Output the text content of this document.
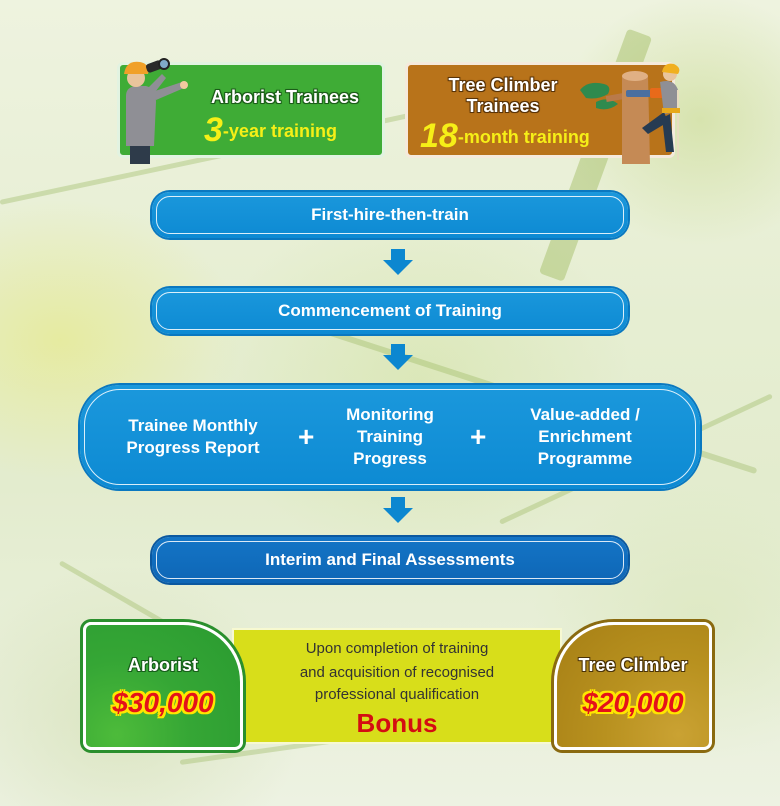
Arborist Trainees
3-year training
Tree Climber
Trainees
18-month training
First-hire-then-train
Commencement of Training
Trainee Monthly
Progress Report +
Monitoring
Training
Progress
+
Value-added /
Enrichment
Programme
Interim and Final Assessments
Upon completion of training
and acquisition of recognised
professional qualification
Bonus
Arborist
$30,000
Tree Climber
$20,000
